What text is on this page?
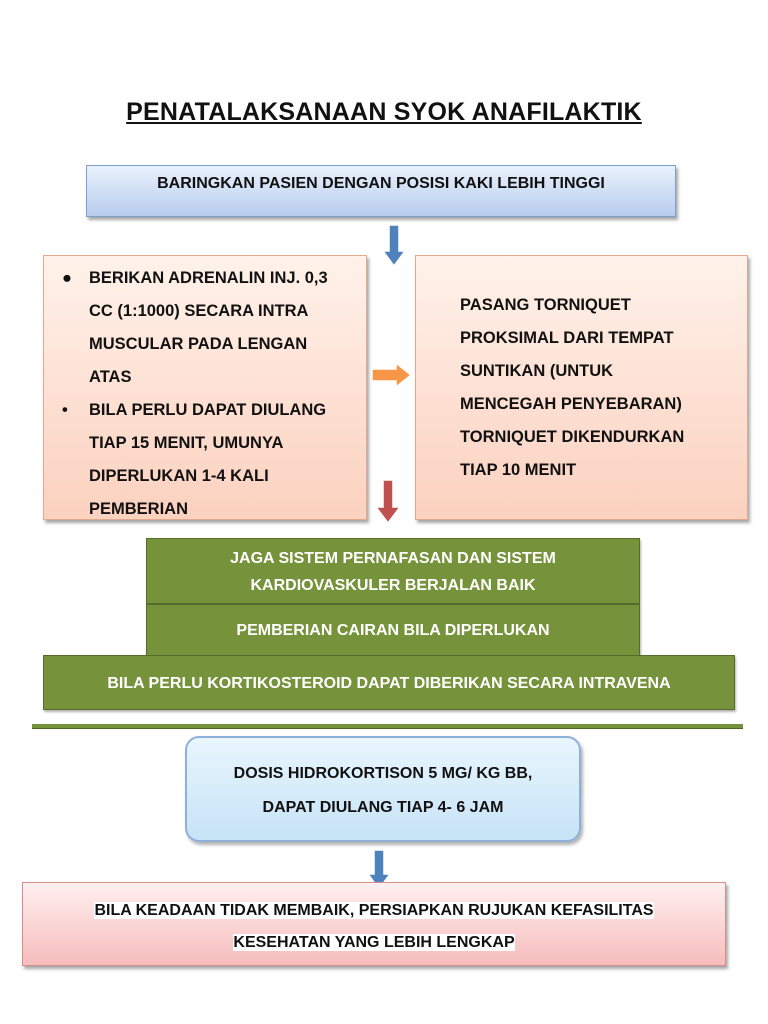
PENATALAKSANAAN SYOK ANAFILAKTIK
BARINGKAN PASIEN DENGAN POSISI KAKI LEBIH TINGGI
● BERIKAN ADRENALIN INJ. 0,3
CC (1:1000) SECARA INTRA
MUSCULAR PADA LENGAN
ATAS
• BILA PERLU DAPAT DIULANG
TIAP 15 MENIT, UMUNYA
DIPERLUKAN 1-4 KALI
PEMBERIAN
PASANG TORNIQUET
PROKSIMAL DARI TEMPAT
SUNTIKAN (UNTUK
MENCEGAH PENYEBARAN)
TORNIQUET DIKENDURKAN
TIAP 10 MENIT
JAGA SISTEM PERNAFASAN DAN SISTEM
KARDIOVASKULER BERJALAN BAIK
PEMBERIAN CAIRAN BILA DIPERLUKAN
BILA PERLU KORTIKOSTEROID DAPAT DIBERIKAN SECARA INTRAVENA
DOSIS HIDROKORTISON 5 MG/ KG BB,
DAPAT DIULANG TIAP 4- 6 JAM
BILA KEADAAN TIDAK MEMBAIK, PERSIAPKAN RUJUKAN KEFASILITAS
KESEHATAN YANG LEBIH LENGKAP
